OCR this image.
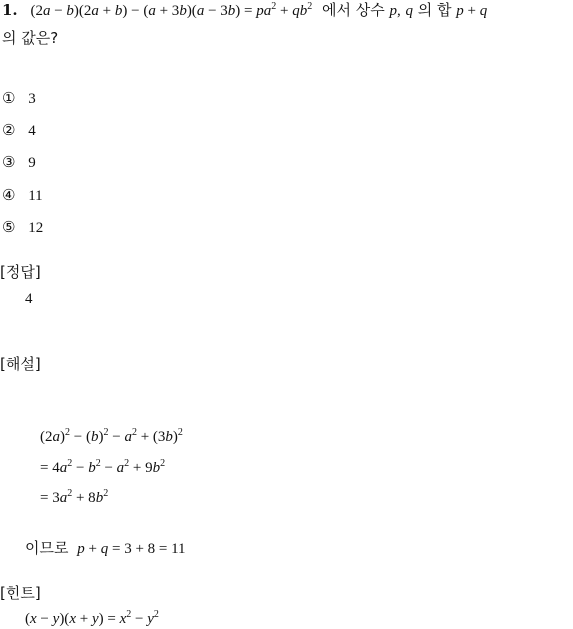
1. $(2a - b)(2a + b) - (a + 3b)(a - 3b) = pa^2 + qb^2$ 에서 상수 p, q 의 합 p + q
의 값은?
① 3
② 4
③ 9
④ 11
⑤ 12
[정답]
4
[해설]
$(2a)^2 - (b)^2 - a^2 + (3b)^2$
= $4a^2 - b^2 - a^2 + 9b^2$
= $3a^2 + 8b^2$
이므로 p + q = 3 + 8 = 11
[힌트]
$(x - y)(x + y) = x^2 - y^2$
